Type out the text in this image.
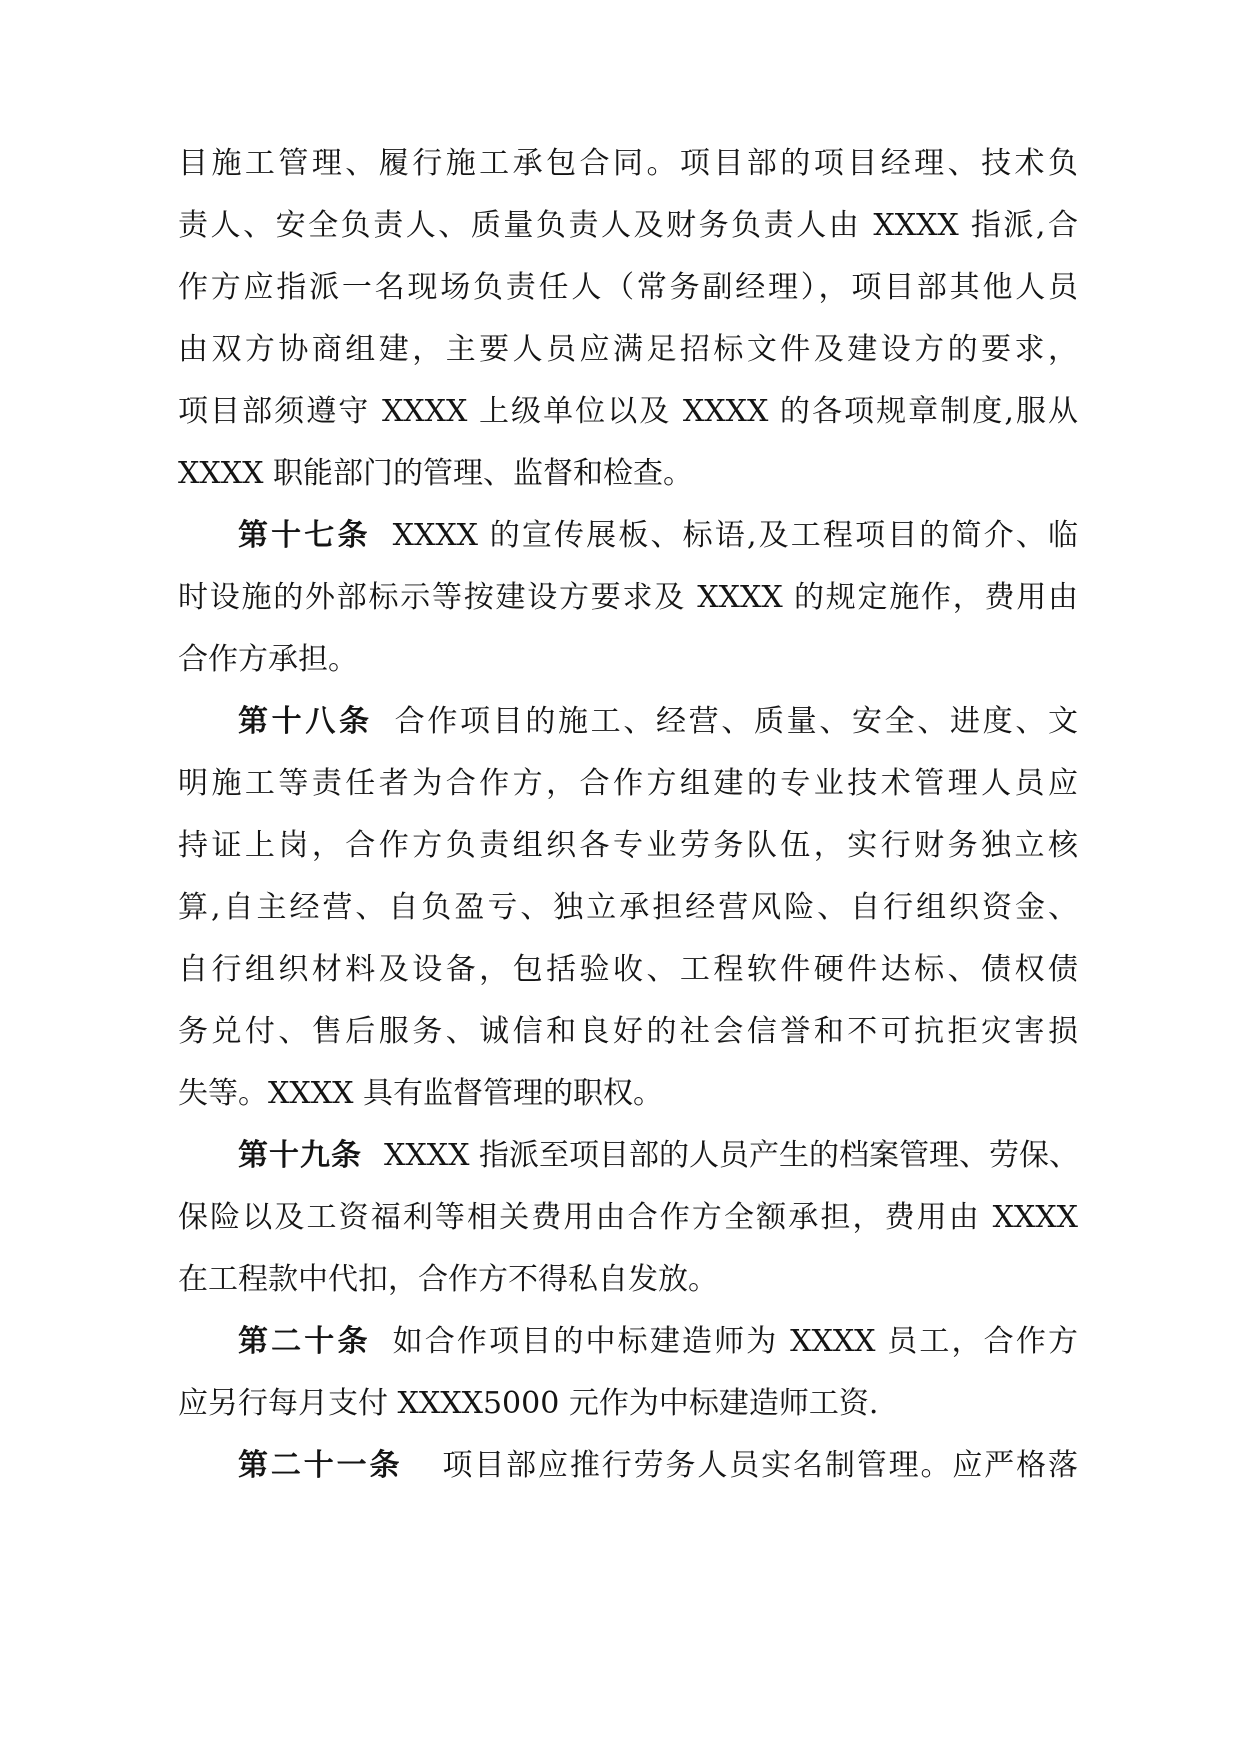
目施工管理、履行施工承包合同。项目部的项目经理、技术负

责人、安全负责人、质量负责人及财务负责人由 XXXX 指派,合

作方应指派一名现场负责任人（常务副经理），项目部其他人员

由双方协商组建，主要人员应满足招标文件及建设方的要求，

项目部须遵守 XXXX 上级单位以及 XXXX 的各项规章制度,服从

XXXX 职能部门的管理、监督和检查。

第十七条 XXXX 的宣传展板、标语,及工程项目的简介、临

时设施的外部标示等按建设方要求及 XXXX 的规定施作，费用由

合作方承担。

第十八条 合作项目的施工、经营、质量、安全、进度、文

明施工等责任者为合作方，合作方组建的专业技术管理人员应

持证上岗，合作方负责组织各专业劳务队伍，实行财务独立核

算,自主经营、自负盈亏、独立承担经营风险、自行组织资金、

自行组织材料及设备，包括验收、工程软件硬件达标、债权债

务兑付、售后服务、诚信和良好的社会信誉和不可抗拒灾害损

失等。XXXX 具有监督管理的职权。

第十九条 XXXX 指派至项目部的人员产生的档案管理、劳保、

保险以及工资福利等相关费用由合作方全额承担，费用由 XXXX

在工程款中代扣，合作方不得私自发放。

第二十条 如合作项目的中标建造师为 XXXX 员工，合作方

应另行每月支付 XXXX5000 元作为中标建造师工资.

第二十一条 项目部应推行劳务人员实名制管理。应严格落
